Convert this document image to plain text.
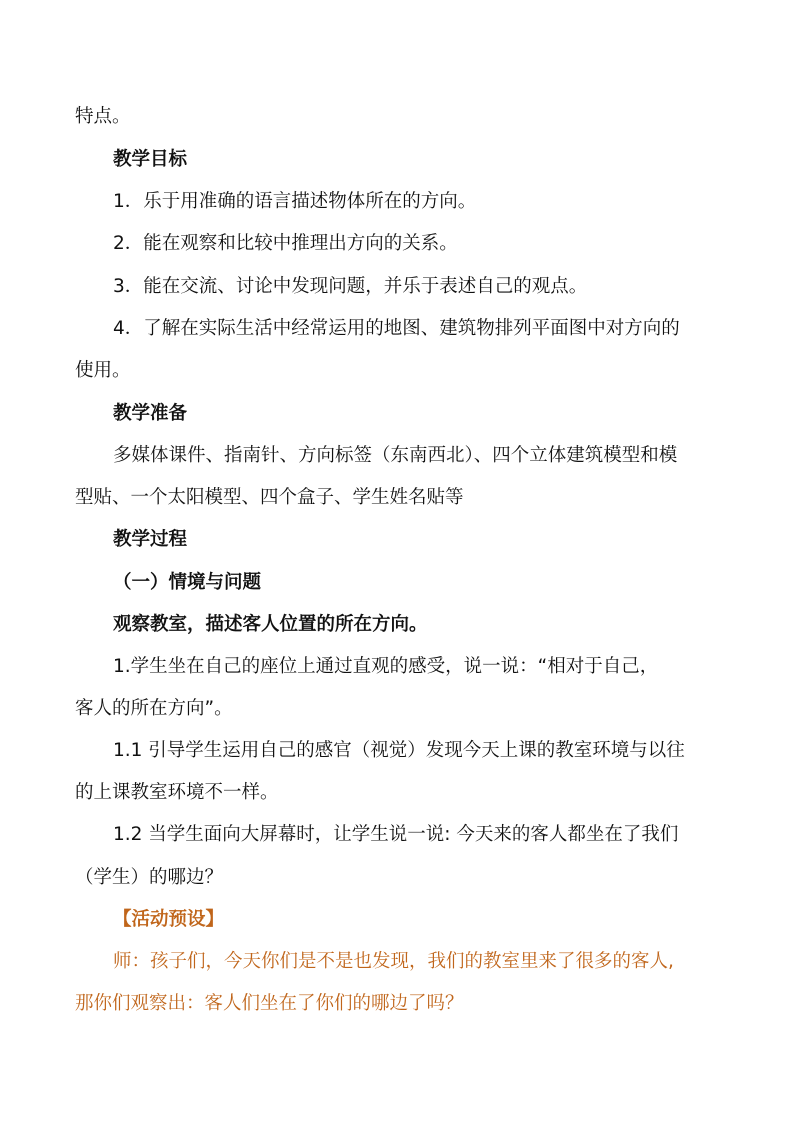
特点。
教学目标
1．乐于用准确的语言描述物体所在的方向。
2．能在观察和比较中推理出方向的关系。
3．能在交流、讨论中发现问题，并乐于表述自己的观点。
4．了解在实际生活中经常运用的地图、建筑物排列平面图中对方向的
使用。
教学准备
多媒体课件、指南针、方向标签（东南西北）、四个立体建筑模型和模
型贴、一个太阳模型、四个盒子、学生姓名贴等
教学过程
（一）情境与问题
观察教室，描述客人位置的所在方向。
1.学生坐在自己的座位上通过直观的感受，说一说：“相对于自己，
客人的所在方向”。
1.1 引导学生运用自己的感官（视觉）发现今天上课的教室环境与以往
的上课教室环境不一样。
1.2 当学生面向大屏幕时，让学生说一说: 今天来的客人都坐在了我们
（学生）的哪边？
【活动预设】
师：孩子们，今天你们是不是也发现，我们的教室里来了很多的客人,
那你们观察出：客人们坐在了你们的哪边了吗？
